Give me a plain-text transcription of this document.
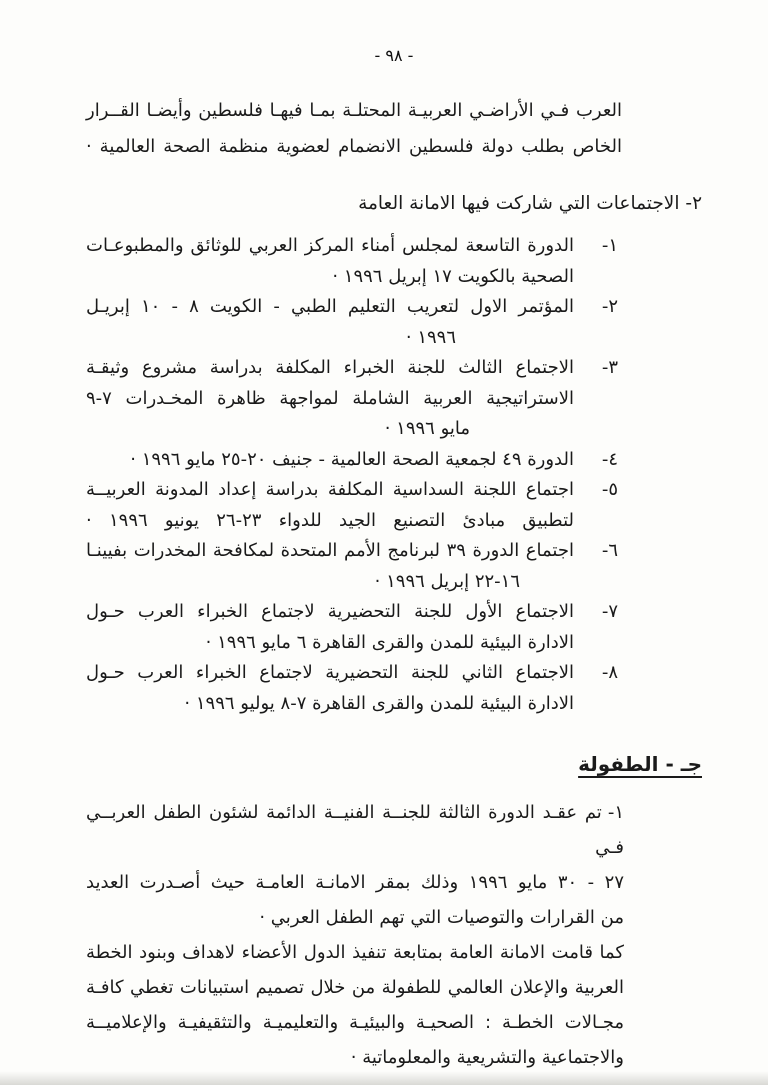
- ٩٨ -
العرب فـي الأراضـي العربيـة المحتلـة بمـا فيهـا فلسطين وأيضـا القــرار
الخاص بطلب دولة فلسطين الانضمام لعضوية منظمة الصحة العالمية ·
٢- الاجتماعات التي شاركت فيها الامانة العامة
١-
الدورة التاسعة لمجلس أمناء المركز العربي للوثائق والمطبوعـات
الصحية بالكويت ١٧ إبريل ١٩٩٦ ·
٢-
المؤتمر الاول لتعريب التعليم الطبي - الكويت ٨ - ١٠ إبريـل
١٩٩٦ ·
٣-
الاجتماع الثالث للجنة الخبراء المكلفة بدراسة مشروع وثيقـة
الاستراتيجية العربية الشاملة لمواجهة ظاهرة المخـدرات ٧-٩
مايو ١٩٩٦ ·
٤-
الدورة ٤٩ لجمعية الصحة العالمية - جنيف ٢٠-٢٥ مايو ١٩٩٦ ·
٥-
اجتماع اللجنة السداسية المكلفة بدراسة إعداد المدونة العربيــة
لتطبيق مبادئ التصنيع الجيد للدواء ٢٣-٢٦ يونيو ١٩٩٦ ·
٦-
اجتماع الدورة ٣٩ لبرنامج الأمم المتحدة لمكافحة المخدرات بفيينـا
١٦-٢٢ إبريل ١٩٩٦ ·
٧-
الاجتماع الأول للجنة التحضيرية لاجتماع الخبراء العرب حـول
الادارة البيئية للمدن والقرى القاهرة ٦ مايو ١٩٩٦ ·
٨-
الاجتماع الثاني للجنة التحضيرية لاجتماع الخبراء العرب حـول
الادارة البيئية للمدن والقرى القاهرة ٧-٨ يوليو ١٩٩٦ ·
جـ - الطفولة
١-تم عقـد الدورة الثالثة للجنــة الفنيــة الدائمة لشئون الطفل العربــي فـي
٢٧ - ٣٠ مايو ١٩٩٦ وذلك بمقر الامانـة العامـة حيث أصـدرت العديد
من القرارات والتوصيات التي تهم الطفل العربي ·
كما قامت الامانة العامة بمتابعة تنفيذ الدول الأعضاء لاهداف وبنود الخطة
العربية والإعلان العالمي للطفولة من خلال تصميم استبيانات تغطي كافـة
مجـالات الخطـة : الصحيـة والبيئيـة والتعليميـة والتثقيفيـة والإعلاميــة
والاجتماعية والتشريعية والمعلوماتية ·
